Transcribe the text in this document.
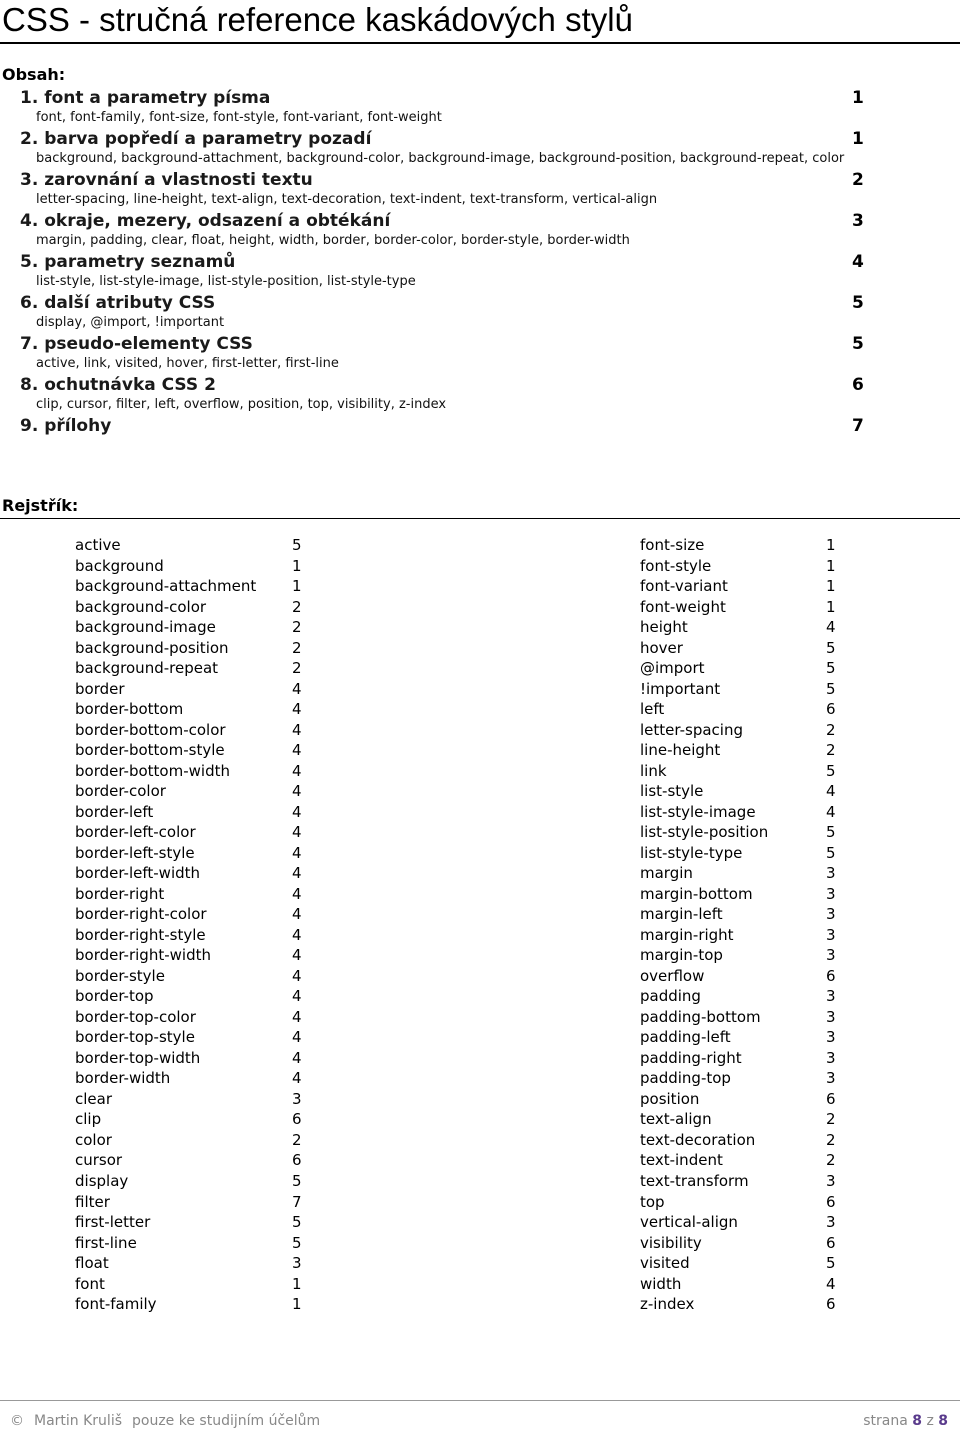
CSS - stručná reference kaskádových stylů
Obsah:
1. font a parametry písma	1
font, font-family, font-size, font-style, font-variant, font-weight
2. barva popředí a parametry pozadí	1
background, background-attachment, background-color, background-image, background-position, background-repeat, color
3. zarovnání a vlastnosti textu	2
letter-spacing, line-height, text-align, text-decoration, text-indent, text-transform, vertical-align
4. okraje, mezery, odsazení a obtékání	3
margin, padding, clear, float, height, width, border, border-color, border-style, border-width
5. parametry seznamů	4
list-style, list-style-image, list-style-position, list-style-type
6. další atributy CSS	5
display, @import, !important
7. pseudo-elementy CSS	5
active, link, visited, hover, first-letter, first-line
8. ochutnávka CSS 2	6
clip, cursor, filter, left, overflow, position, top, visibility, z-index
9. přílohy	7
Rejstřík:
active	5
background	1
background-attachment 1
background-color	2
background-image	2
background-position	2
background-repeat	2
border	4
border-bottom	4
border-bottom-color	4
border-bottom-style	4
border-bottom-width	4
border-color	4
border-left	4
border-left-color	4
border-left-style	4
border-left-width	4
border-right	4
border-right-color	4
border-right-style	4
border-right-width	4
border-style	4
border-top	4
border-top-color	4
border-top-style	4
border-top-width	4
border-width	4
clear	3
clip	6
color	2
cursor	6
display	5
filter	7
first-letter	5
first-line	5
float	3
font	1
font-family	1
font-size	1
font-style	1
font-variant	1
font-weight	1
height	4
hover	5
@import	5
!important	5
left	6
letter-spacing	2
line-height	2
link	5
list-style	4
list-style-image	4
list-style-position	5
list-style-type	5
margin	3
margin-bottom	3
margin-left	3
margin-right	3
margin-top	3
overflow	6
padding	3
padding-bottom	3
padding-left	3
padding-right	3
padding-top	3
position	6
text-align	2
text-decoration	2
text-indent	2
text-transform	3
top	6
vertical-align	3
visibility	6
visited	5
width	4
z-index	6
© Martin Kruliš pouze ke studijním účelům	strana 8 z 8
